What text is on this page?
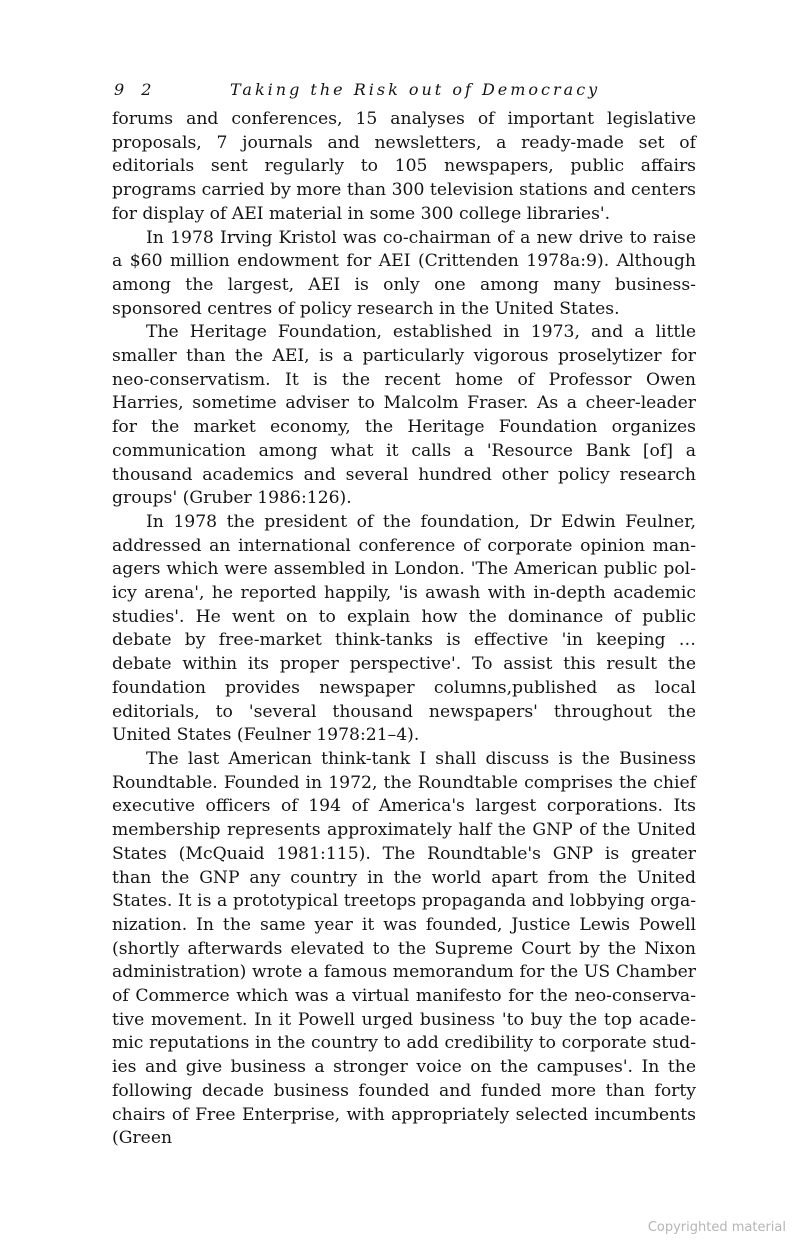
9 2	Taking the Risk out of Democracy

forums and conferences, 15 analyses of important legislative proposals, 7 journals and newsletters, a ready-made set of editorials sent regularly to 105 newspapers, public affairs programs carried by more than 300 television stations and centers for display of AEI material in some 300 college libraries'.

In 1978 Irving Kristol was co-chairman of a new drive to raise a $60 million endowment for AEI (Crittenden 1978a:9). Although among the largest, AEI is only one among many business-sponsored centres of policy research in the United States.

The Heritage Foundation, established in 1973, and a little smaller than the AEI, is a particularly vigorous proselytizer for neo-conservatism. It is the recent home of Professor Owen Harries, sometime adviser to Malcolm Fraser. As a cheer-leader for the market economy, the Heritage Foundation organizes communication among what it calls a 'Resource Bank [of] a thousand academics and several hundred other policy research groups' (Gruber 1986:126).

In 1978 the president of the foundation, Dr Edwin Feulner, addressed an international conference of corporate opinion managers which were assembled in London. 'The American public policy arena', he reported happily, 'is awash with in-depth academic studies'. He went on to explain how the dominance of public debate by free-market think-tanks is effective 'in keeping … debate within its proper perspective'. To assist this result the foundation provides newspaper columns,published as local editorials, to 'several thousand newspapers' throughout the United States (Feulner 1978:21–4).

The last American think-tank I shall discuss is the Business Roundtable. Founded in 1972, the Roundtable comprises the chief executive officers of 194 of America's largest corporations. Its membership represents approximately half the GNP of the United States (McQuaid 1981:115). The Roundtable's GNP is greater than the GNP any country in the world apart from the United States. It is a prototypical treetops propaganda and lobbying organization. In the same year it was founded, Justice Lewis Powell (shortly afterwards elevated to the Supreme Court by the Nixon administration) wrote a famous memorandum for the US Chamber of Commerce which was a virtual manifesto for the neo-conservative movement. In it Powell urged business 'to buy the top academic reputations in the country to add credibility to corporate studies and give business a stronger voice on the campuses'. In the following decade business founded and funded more than forty chairs of Free Enterprise, with appropriately selected incumbents (Green

Copyrighted material
